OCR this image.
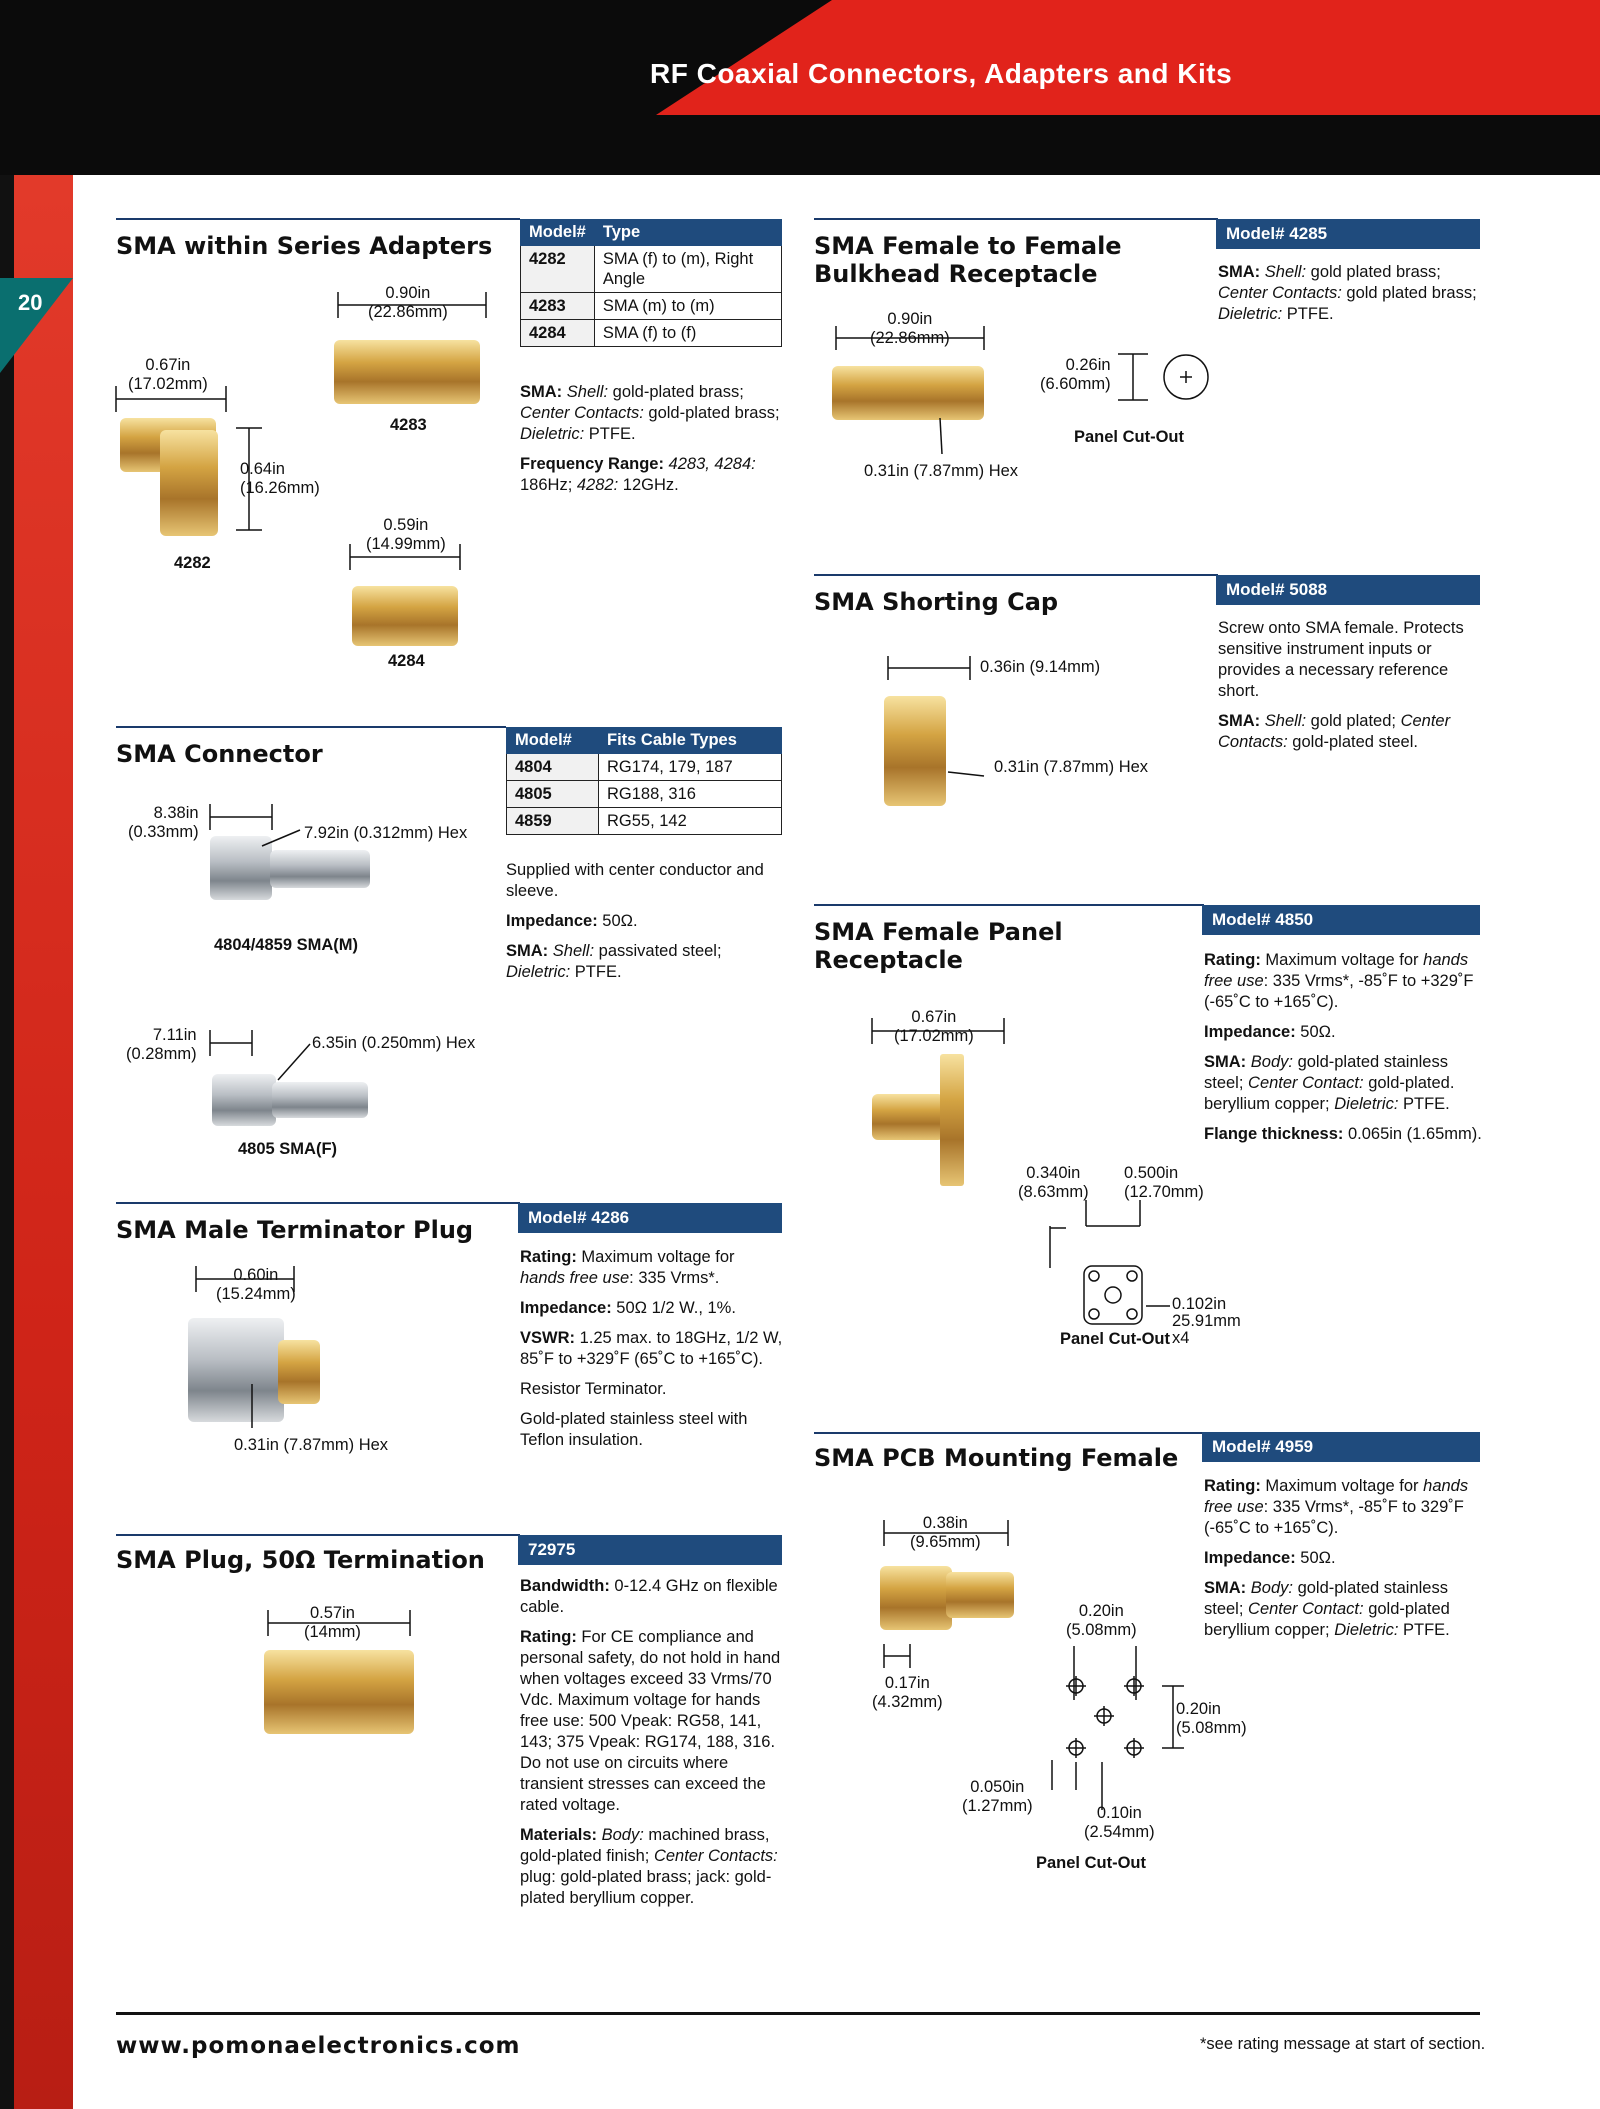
RF Coaxial Connectors, Adapters and Kits
20
SMA within Series Adapters Model#	Type
4282	SMA (f) to (m), Right Angle
4283	SMA (m) to (m)
4284	SMA (f) to (f)

SMA: Shell: gold-plated brass; Center Contacts: gold-plated brass; Dieletric: PTFE.

Frequency Range: 4283, 4284: 186Hz; 4282: 12GHz.

0.90in
(22.86mm)
0.67in
(17.02mm)
0.64in
(16.26mm)
0.59in
(14.99mm)
4283
4282
4284
SMA Female to Female
Bulkhead Receptacle
Model# 4285

SMA: Shell: gold plated brass; Center Contacts: gold plated brass; Dieletric: PTFE.

0.90in
(22.86mm)
0.26in
(6.60mm)
0.31in (7.87mm) Hex
Panel Cut-Out
SMA Shorting Cap	Model# 5088

Screw onto SMA female. Protects sensitive instrument inputs or provides a necessary reference short.

SMA: Shell: gold plated; Center Contacts: gold-plated steel.

0.36in (9.14mm)
0.31in (7.87mm) Hex
SMA Connector	Model#	Fits Cable Types
4804	RG174, 179, 187
4805	RG188, 316
4859	RG55, 142

Supplied with center conductor and sleeve.

Impedance: 50Ω.

SMA: Shell: passivated steel; Dieletric: PTFE.

8.38in
(0.33mm)	7.92in (0.312mm) Hex
4804/4859 SMA(M)
7.11in
(0.28mm)
6.35in (0.250mm) Hex
4805 SMA(F)
SMA Female Panel
Receptacle
Model# 4850

Rating: Maximum voltage for hands free use: 335 Vrms*, -85˚F to +329˚F (-65˚C to +165˚C).

Impedance: 50Ω.

SMA: Body: gold-plated stainless steel; Center Contact: gold-plated. beryllium copper; Dieletric: PTFE.

Flange thickness: 0.065in (1.65mm).

0.67in
(17.02mm)
0.340in
(8.63mm)
0.500in
(12.70mm)
0.102in
25.91mm
x4
Panel Cut-Out
SMA Male Terminator Plug	Model# 4286

Rating: Maximum voltage for hands free use: 335 Vrms*.

Impedance: 50Ω 1/2 W., 1%.

VSWR: 1.25 max. to 18GHz, 1/2 W, 85˚F to +329˚F (65˚C to +165˚C).

Resistor Terminator.

Gold-plated stainless steel with Teflon insulation.

0.60in
(15.24mm)
0.31in (7.87mm) Hex	SMA PCB Mounting Female	Model# 4959

Rating: Maximum voltage for hands free use: 335 Vrms*, -85˚F to 329˚F (-65˚C to +165˚C).

Impedance: 50Ω.

SMA: Body: gold-plated stainless steel; Center Contact: gold-plated beryllium copper; Dieletric: PTFE.

0.38in
(9.65mm)
0.17in
(4.32mm)
0.20in
(5.08mm)
0.20in
(5.08mm)
0.050in
(1.27mm)	0.10in
(2.54mm)
Panel Cut-Out
SMA Plug, 50Ω Termination	72975

Bandwidth: 0-12.4 GHz on flexible cable.

Rating: For CE compliance and personal safety, do not hold in hand when voltages exceed 33 Vrms/70 Vdc. Maximum voltage for hands free use: 500 Vpeak: RG58, 141, 143; 375 Vpeak: RG174, 188, 316. Do not use on circuits where transient stresses can exceed the rated voltage.

Materials: Body: machined brass, gold-plated finish; Center Contacts: plug: gold-plated brass; jack: gold-plated beryllium copper.

0.57in
(14mm)
www.pomonaelectronics.com	*see rating message at start of section.
